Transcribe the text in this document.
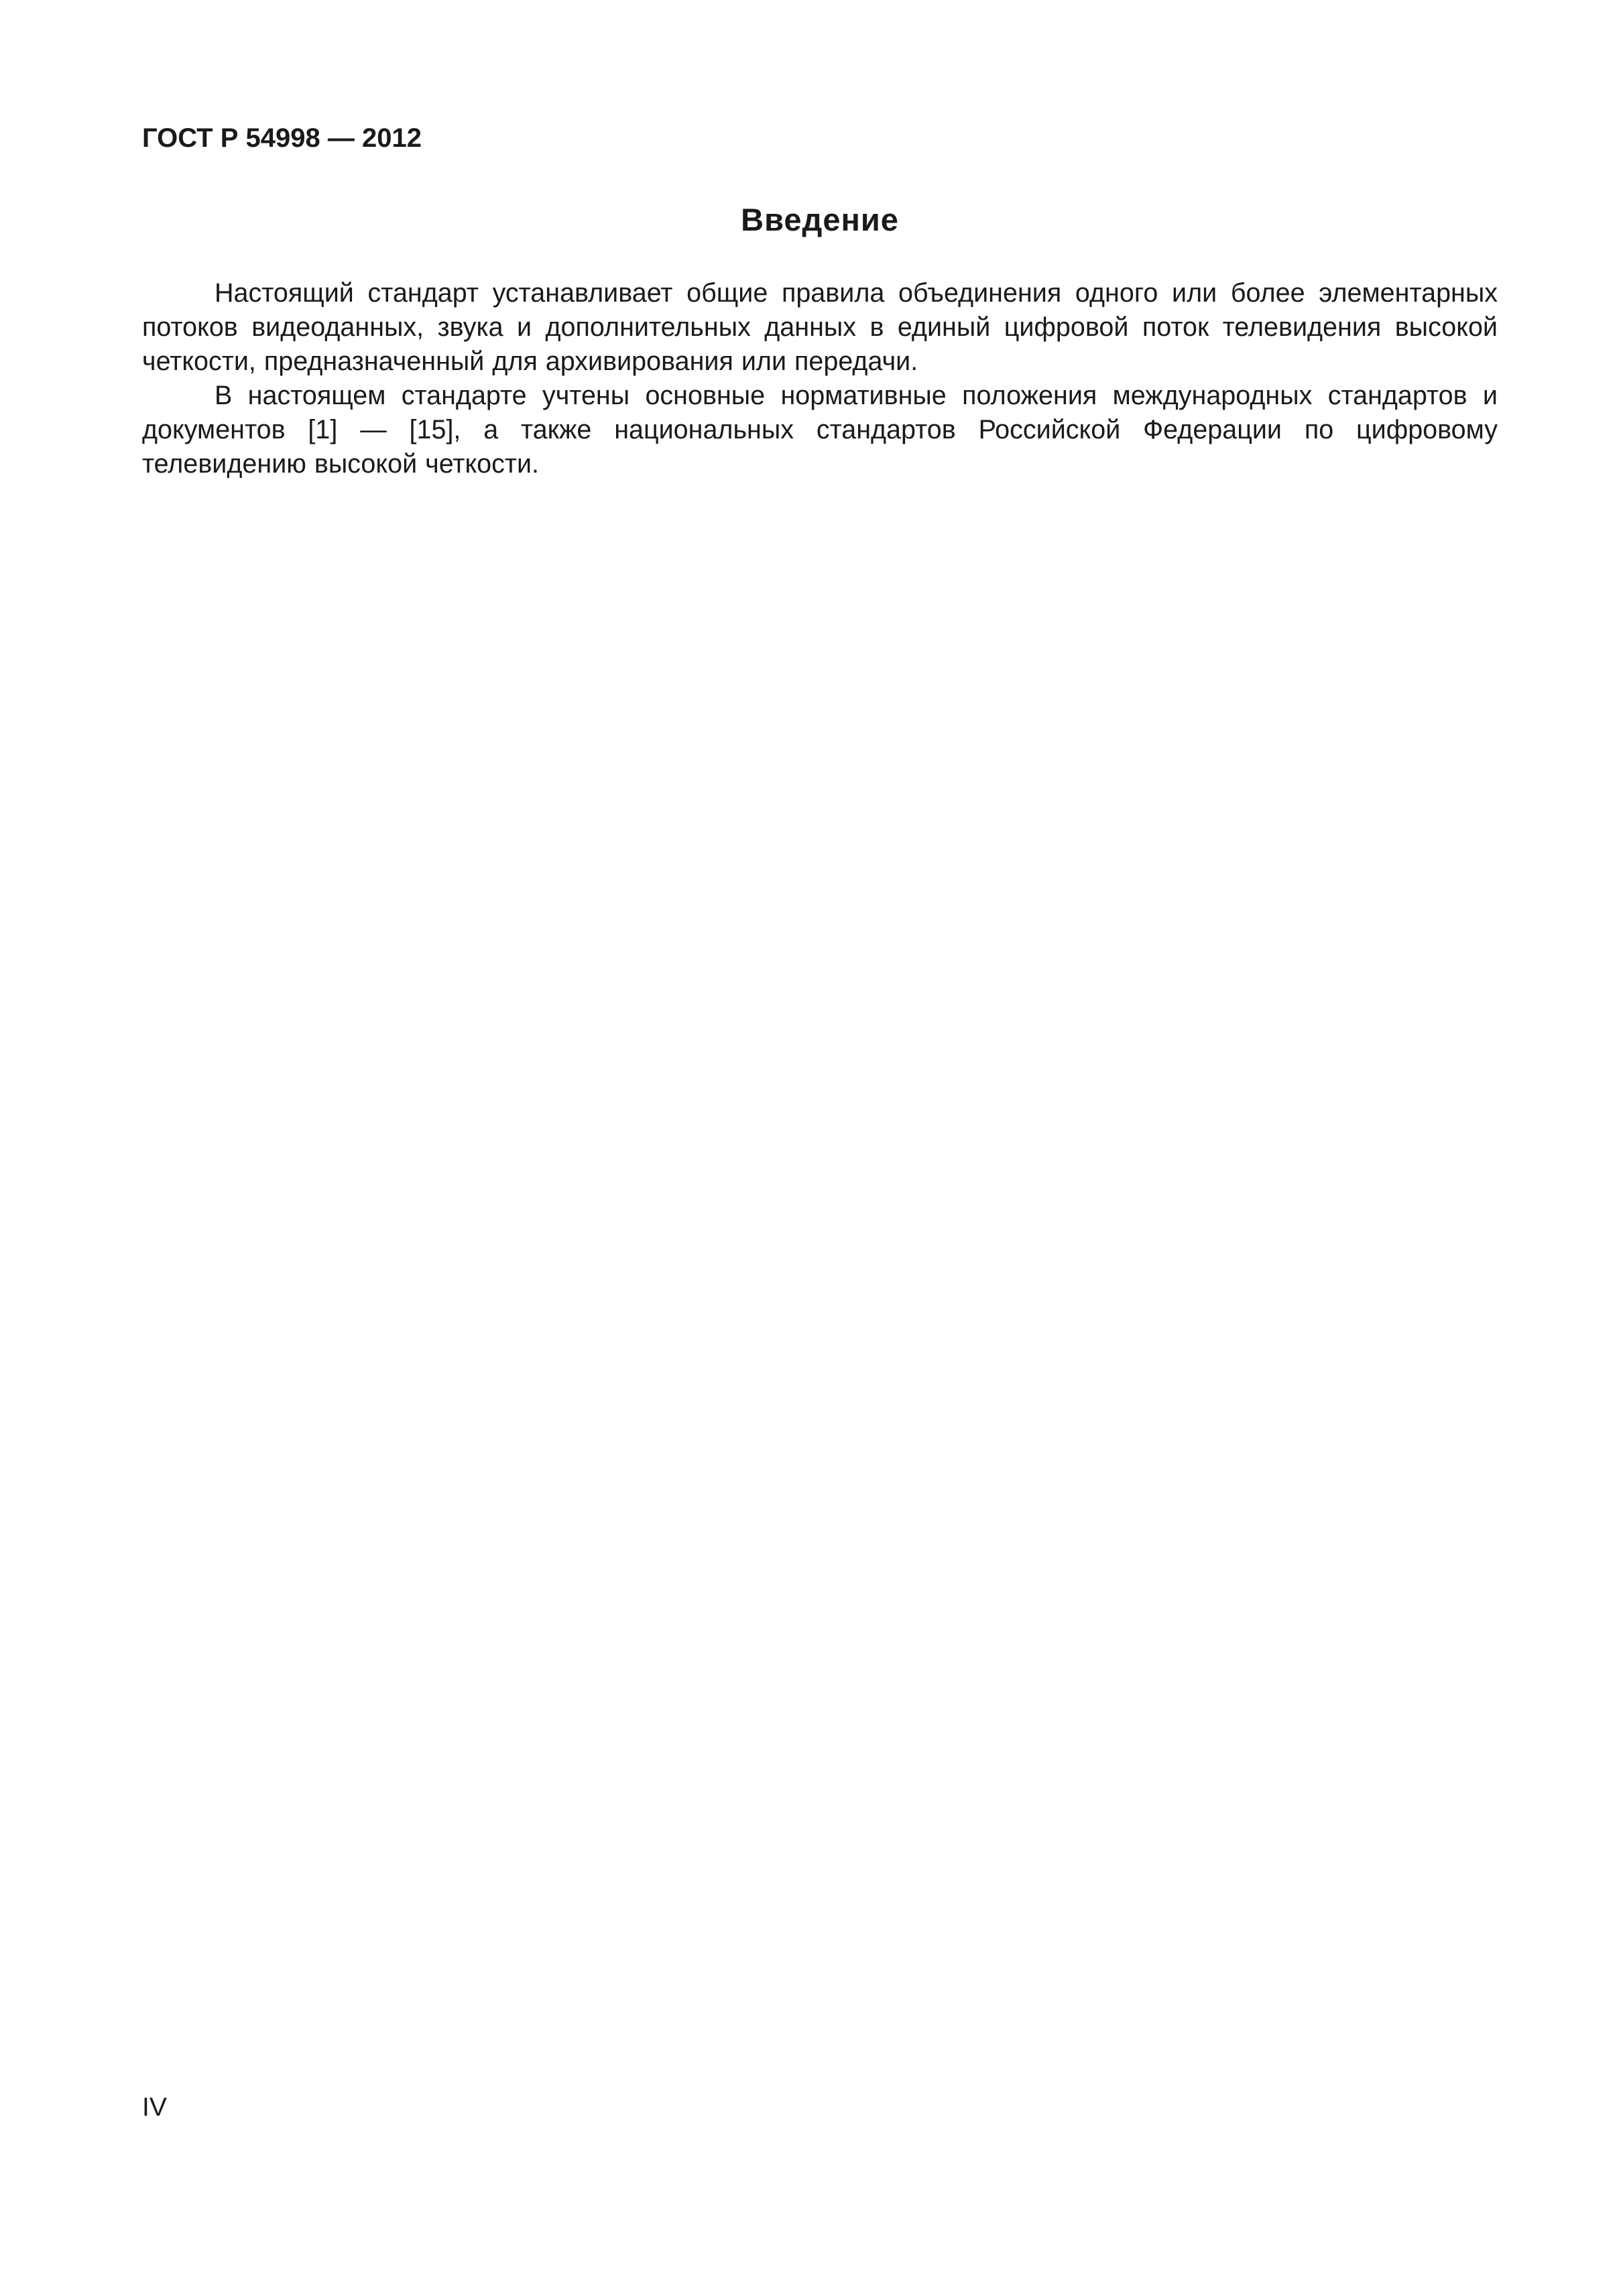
ГОСТ Р 54998 — 2012
Введение

Настоящий стандарт устанавливает общие правила объединения одного или более элементарных потоков видеоданных, звука и дополнительных данных в единый цифровой поток телевидения высокой четкости, предназначенный для архивирования или передачи.

В настоящем стандарте учтены основные нормативные положения международных стандартов и документов [1] — [15], а также национальных стандартов Российской Федерации по цифровому телевидению высокой четкости.

IV
